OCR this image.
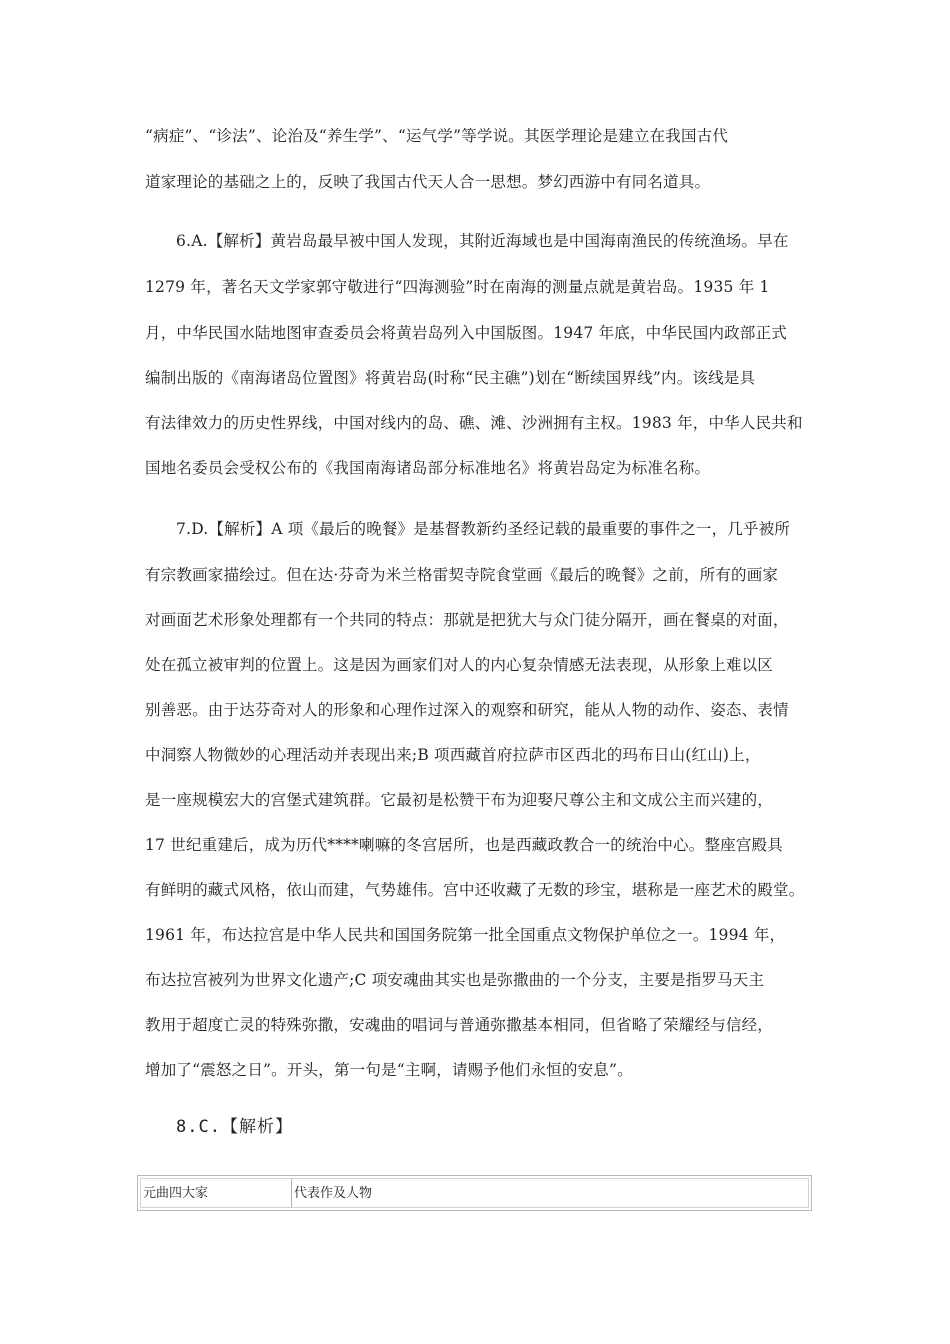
“病症”、“诊法”、论治及“养生学”、“运气学”等学说。其医学理论是建立在我国古代
道家理论的基础之上的，反映了我国古代天人合一思想。梦幻西游中有同名道具。
6.A.【解析】黄岩岛最早被中国人发现，其附近海域也是中国海南渔民的传统渔场。早在
1279 年，著名天文学家郭守敬进行“四海测验”时在南海的测量点就是黄岩岛。1935 年 1
月，中华民国水陆地图审查委员会将黄岩岛列入中国版图。1947 年底，中华民国内政部正式
编制出版的《南海诸岛位置图》将黄岩岛(时称“民主礁”)划在“断续国界线”内。该线是具
有法律效力的历史性界线，中国对线内的岛、礁、滩、沙洲拥有主权。1983 年，中华人民共和
国地名委员会受权公布的《我国南海诸岛部分标准地名》将黄岩岛定为标准名称。
7.D.【解析】A 项《最后的晚餐》是基督教新约圣经记载的最重要的事件之一，几乎被所
有宗教画家描绘过。但在达·芬奇为米兰格雷契寺院食堂画《最后的晚餐》之前，所有的画家
对画面艺术形象处理都有一个共同的特点：那就是把犹大与众门徒分隔开，画在餐桌的对面，
处在孤立被审判的位置上。这是因为画家们对人的内心复杂情感无法表现，从形象上难以区
别善恶。由于达芬奇对人的形象和心理作过深入的观察和研究，能从人物的动作、姿态、表情
中洞察人物微妙的心理活动并表现出来;B 项西藏首府拉萨市区西北的玛布日山(红山)上，
是一座规模宏大的宫堡式建筑群。它最初是松赞干布为迎娶尺尊公主和文成公主而兴建的，
17 世纪重建后，成为历代****喇嘛的冬宫居所，也是西藏政教合一的统治中心。整座宫殿具
有鲜明的藏式风格，依山而建，气势雄伟。宫中还收藏了无数的珍宝，堪称是一座艺术的殿堂。
1961 年，布达拉宫是中华人民共和国国务院第一批全国重点文物保护单位之一。1994 年，
布达拉宫被列为世界文化遗产;C 项安魂曲其实也是弥撒曲的一个分支，主要是指罗马天主
教用于超度亡灵的特殊弥撒，安魂曲的唱词与普通弥撒基本相同，但省略了荣耀经与信经，
增加了“震怒之日”。开头，第一句是“主啊，请赐予他们永恒的安息”。
8.C.【解析】
元曲四大家	代表作及人物
